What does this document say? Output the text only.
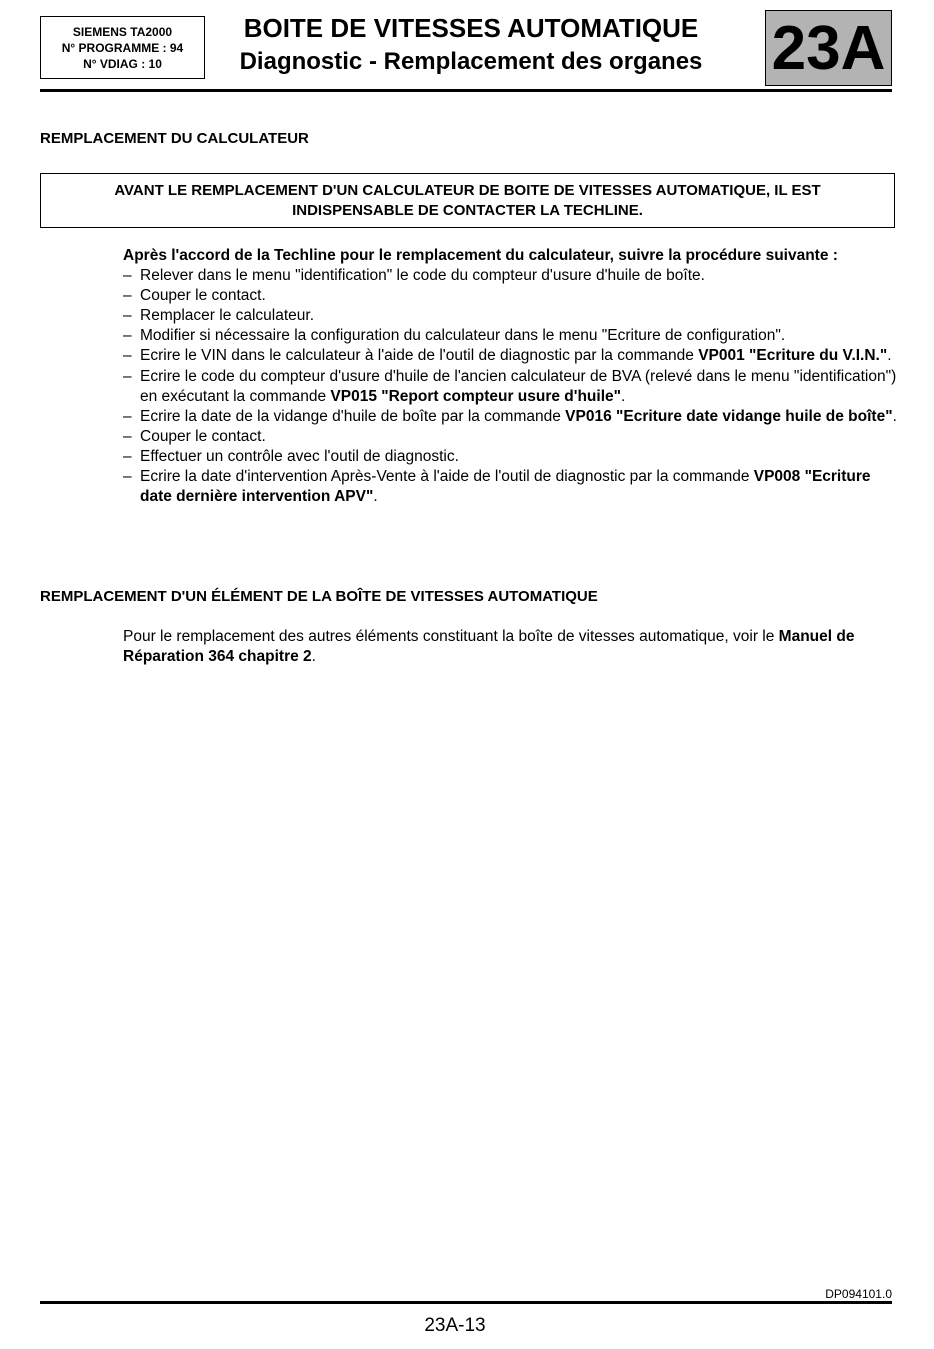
SIEMENS TA2000
N° PROGRAMME : 94
N° VDIAG : 10
BOITE DE VITESSES AUTOMATIQUE
Diagnostic - Remplacement des organes	23A
REMPLACEMENT DU CALCULATEUR
AVANT LE REMPLACEMENT D'UN CALCULATEUR DE BOITE DE VITESSES AUTOMATIQUE, IL EST INDISPENSABLE DE CONTACTER LA TECHLINE.
Après l'accord de la Techline pour le remplacement du calculateur, suivre la procédure suivante :
– Relever dans le menu "identification" le code du compteur d'usure d'huile de boîte.
– Couper le contact.
– Remplacer le calculateur.
– Modifier si nécessaire la configuration du calculateur dans le menu "Ecriture de configuration".
– Ecrire le VIN dans le calculateur à l'aide de l'outil de diagnostic par la commande VP001 "Ecriture du V.I.N.".
– Ecrire le code du compteur d'usure d'huile de l'ancien calculateur de BVA (relevé dans le menu "identification") en exécutant la commande VP015 "Report compteur usure d'huile".
– Ecrire la date de la vidange d'huile de boîte par la commande VP016 "Ecriture date vidange huile de boîte".
– Couper le contact.
– Effectuer un contrôle avec l'outil de diagnostic.
– Ecrire la date d'intervention Après-Vente à l'aide de l'outil de diagnostic par la commande VP008 "Ecriture date dernière intervention APV".
REMPLACEMENT D'UN ÉLÉMENT DE LA BOÎTE DE VITESSES AUTOMATIQUE
Pour le remplacement des autres éléments constituant la boîte de vitesses automatique, voir le Manuel de Réparation 364 chapitre 2.
DP094101.0
23A-13
